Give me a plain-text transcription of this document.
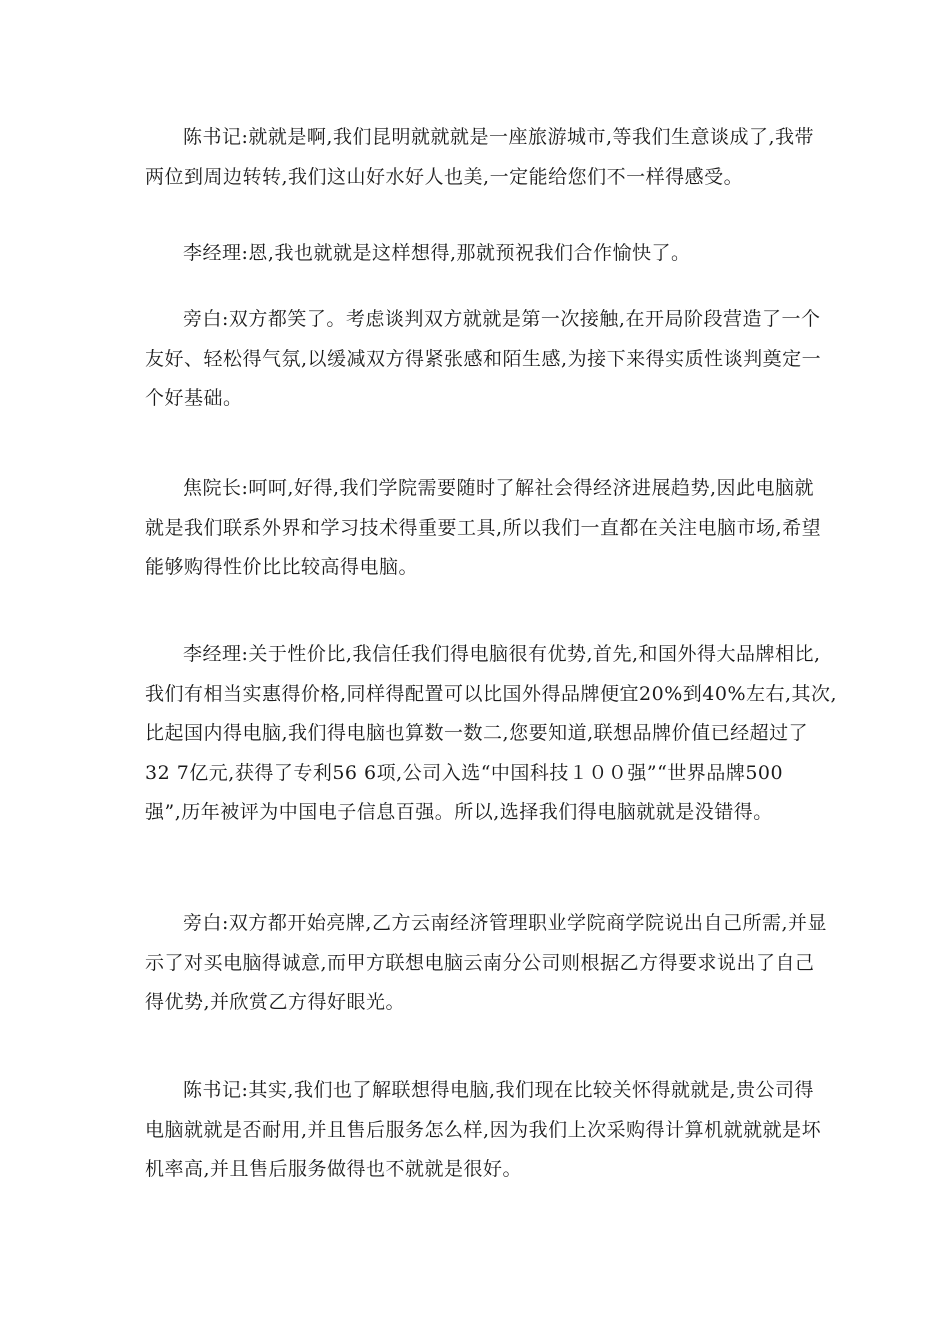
陈书记:就就是啊,我们昆明就就就是一座旅游城市,等我们生意谈成了,我带
两位到周边转转,我们这山好水好人也美,一定能给您们不一样得感受。

李经理:恩,我也就就是这样想得,那就预祝我们合作愉快了。

旁白:双方都笑了。考虑谈判双方就就是第一次接触,在开局阶段营造了一个
友好、轻松得气氛,以缓减双方得紧张感和陌生感,为接下来得实质性谈判奠定一
个好基础。

焦院长:呵呵,好得,我们学院需要随时了解社会得经济进展趋势,因此电脑就
就是我们联系外界和学习技术得重要工具,所以我们一直都在关注电脑市场,希望
能够购得性价比比较高得电脑。

李经理:关于性价比,我信任我们得电脑很有优势,首先,和国外得大品牌相比,
我们有相当实惠得价格,同样得配置可以比国外得品牌便宜20%到40%左右,其次,
比起国内得电脑,我们得电脑也算数一数二,您要知道,联想品牌价值已经超过了
32 7亿元,获得了专利56 6项,公司入选“中国科技１００强”“世界品牌500
强”,历年被评为中国电子信息百强。所以,选择我们得电脑就就是没错得。

旁白:双方都开始亮牌,乙方云南经济管理职业学院商学院说出自己所需,并显
示了对买电脑得诚意,而甲方联想电脑云南分公司则根据乙方得要求说出了自己
得优势,并欣赏乙方得好眼光。

陈书记:其实,我们也了解联想得电脑,我们现在比较关怀得就就是,贵公司得
电脑就就是否耐用,并且售后服务怎么样,因为我们上次采购得计算机就就就是坏
机率高,并且售后服务做得也不就就是很好。
